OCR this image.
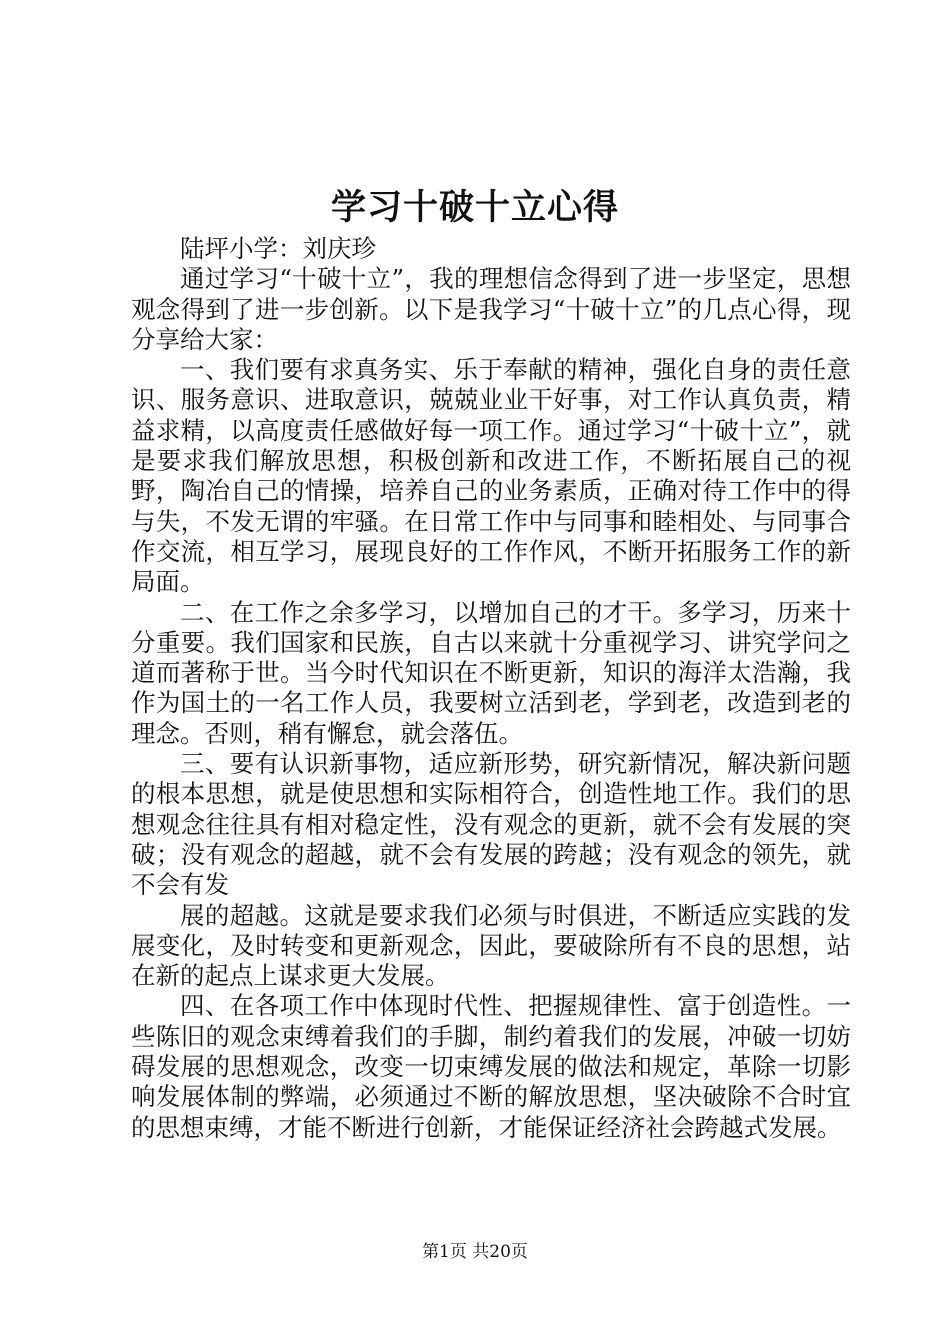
学习十破十立心得

陆坪小学：刘庆珍

通过学习“十破十立”，我的理想信念得到了进一步坚定，思想观念得到了进一步创新。以下是我学习“十破十立”的几点心得，现分享给大家：

一、我们要有求真务实、乐于奉献的精神，强化自身的责任意识、服务意识、进取意识，兢兢业业干好事，对工作认真负责，精益求精，以高度责任感做好每一项工作。通过学习“十破十立”，就是要求我们解放思想，积极创新和改进工作，不断拓展自己的视野，陶冶自己的情操，培养自己的业务素质，正确对待工作中的得与失，不发无谓的牢骚。在日常工作中与同事和睦相处、与同事合作交流，相互学习，展现良好的工作作风，不断开拓服务工作的新局面。

二、在工作之余多学习，以增加自己的才干。多学习，历来十分重要。我们国家和民族，自古以来就十分重视学习、讲究学问之道而著称于世。当今时代知识在不断更新，知识的海洋太浩瀚，我作为国土的一名工作人员，我要树立活到老，学到老，改造到老的理念。否则，稍有懈怠，就会落伍。

三、要有认识新事物，适应新形势，研究新情况，解决新问题的根本思想，就是使思想和实际相符合，创造性地工作。我们的思想观念往往具有相对稳定性，没有观念的更新，就不会有发展的突破；没有观念的超越，就不会有发展的跨越；没有观念的领先，就不会有发

展的超越。这就是要求我们必须与时俱进，不断适应实践的发展变化，及时转变和更新观念，因此，要破除所有不良的思想，站在新的起点上谋求更大发展。

四、在各项工作中体现时代性、把握规律性、富于创造性。一些陈旧的观念束缚着我们的手脚，制约着我们的发展，冲破一切妨碍发展的思想观念，改变一切束缚发展的做法和规定，革除一切影响发展体制的弊端，必须通过不断的解放思想，坚决破除不合时宜的思想束缚，才能不断进行创新，才能保证经济社会跨越式发展。

第1页 共20页
